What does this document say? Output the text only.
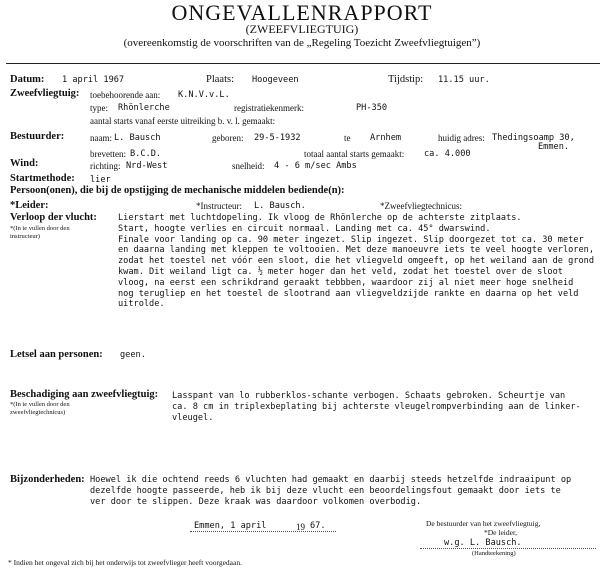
ONGEVALLENRAPPORT
(ZWEEFVLIEGTUIG)
(overeenkomstig de voorschriften van de „Regeling Toezicht Zweefvliegtuigen”)
Datum: 1 april 1967	Plaats: Hoogeveen	Tijdstip: 11.15 uur.
Zweefvliegtuig: toebehoorende aan: K.N.V.v.L.
type: Rhönlerche	registratiekenmerk:	PH-350
aantal starts vanaf eerste uitreiking b. v. l. gemaakt:
Bestuurder:	naam: L. Bausch	geboren: 29-5-1932	te Arnhem	huidig adres: Thedingsoamp 30,
Emmen.
brevetten: B.C.D.	totaal aantal starts gemaakt: ca. 4.000
Wind:	richting: Nrd-West	snelheid: 4 - 6 m/sec Ambs
Startmethode: lier
Persoon(onen), die bij de opstijging de mechanische middelen bediende(n):
*Leider:	*Instructeur: L. Bausch.	*Zweefvliegtechnicus:
Verloop der vlucht:
*(In te vullen door den instructeur)
Lierstart met luchtdopeling. Ik vloog de Rhönlerche op de achterste zitplaats.
Start, hoogte verlies en circuit normaal. Landing met ca. 45° dwarswind.
Finale voor landing op ca. 90 meter ingezet. Slip ingezet. Slip doorgezet tot ca. 30 meter
en daarna landing met kleppen te voltooien. Met deze manoeuvre iets te veel hoogte verloren,
zodat het toestel net vóór een sloot, die het vliegveld omgeeft, op het weiland aan de grond
kwam. Dit weiland ligt ca. ½ meter hoger dan het veld, zodat het toestel over de sloot
vloog, na eerst een schrikdrand geraakt tebbben, waardoor zij al niet meer hoge snelheid
nog terugliep en het toestel de slootrand aan vliegveldzijde rankte en daarna op het veld
uitrolde.
Letsel aan personen: geen.
Beschadiging aan zweefvliegtuig:
*(In te vullen door den zweefvliegtechnicus)
Lasspant van lo rubberklos-schante verbogen. Schaats gebroken. Scheurtje van
ca. 8 cm in triplexbeplating bij achterste vleugelrompverbinding aan de linker-
vleugel.
Bijzonderheden: Hoewel ik die ochtend reeds 6 vluchten had gemaakt en daarbij steeds hetzelfde indraaipunt op
dezelfde hoogte passeerde, heb ik bij deze vlucht een beoordelingsfout gemaakt door iets te
ver door te slippen. Deze kraak was daardoor volkomen overbodig.
Emmen, 1 april	19 67.	De bestuurder van het zweefvliegtuig,
*De leider,
w.g. L. Bausch.
(Handteekening)
* Indien het ongeval zich bij het onderwijs tot zweefvlieger heeft voorgedaan.
